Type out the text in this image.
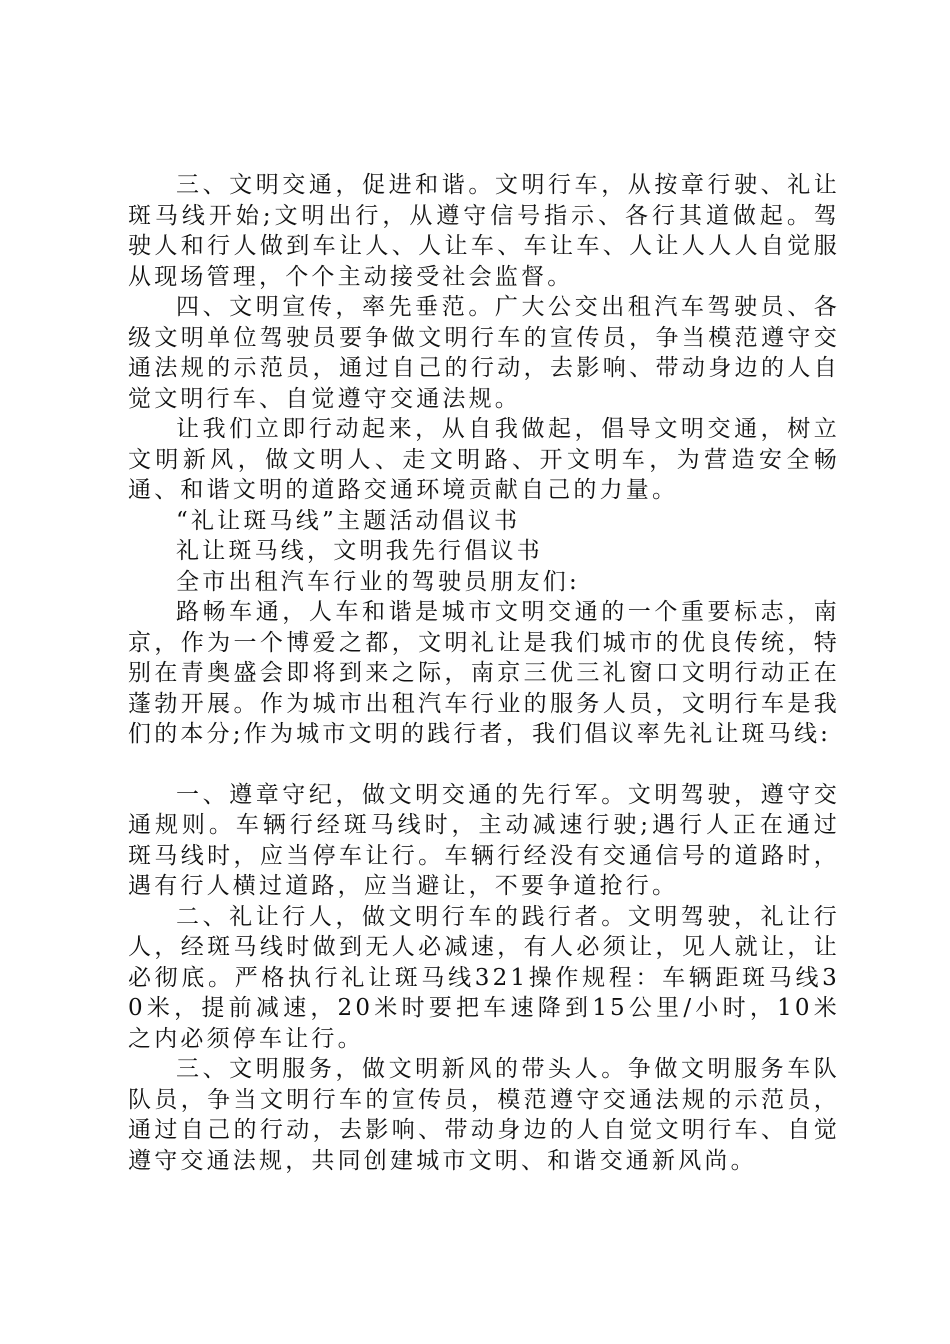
三、文明交通，促进和谐。文明行车，从按章行驶、礼让斑马线开始;文明出行，从遵守信号指示、各行其道做起。驾驶人和行人做到车让人、人让车、车让车、人让人人人自觉服从现场管理，个个主动接受社会监督。

四、文明宣传，率先垂范。广大公交出租汽车驾驶员、各级文明单位驾驶员要争做文明行车的宣传员，争当模范遵守交通法规的示范员，通过自己的行动，去影响、带动身边的人自觉文明行车、自觉遵守交通法规。

让我们立即行动起来，从自我做起，倡导文明交通，树立文明新风，做文明人、走文明路、开文明车，为营造安全畅通、和谐文明的道路交通环境贡献自己的力量。

“礼让斑马线”主题活动倡议书

礼让斑马线，文明我先行倡议书

全市出租汽车行业的驾驶员朋友们:

路畅车通，人车和谐是城市文明交通的一个重要标志，南京，作为一个博爱之都，文明礼让是我们城市的优良传统，特别在青奥盛会即将到来之际，南京三优三礼窗口文明行动正在蓬勃开展。作为城市出租汽车行业的服务人员，文明行车是我们的本分;作为城市文明的践行者，我们倡议率先礼让斑马线:

一、遵章守纪，做文明交通的先行军。文明驾驶，遵守交通规则。车辆行经斑马线时，主动减速行驶;遇行人正在通过斑马线时，应当停车让行。车辆行经没有交通信号的道路时，遇有行人横过道路，应当避让，不要争道抢行。

二、礼让行人，做文明行车的践行者。文明驾驶，礼让行人，经斑马线时做到无人必减速，有人必须让，见人就让，让必彻底。严格执行礼让斑马线321操作规程：车辆距斑马线30米，提前减速，20米时要把车速降到15公里/小时，10米之内必须停车让行。

三、文明服务，做文明新风的带头人。争做文明服务车队队员，争当文明行车的宣传员，模范遵守交通法规的示范员，通过自己的行动，去影响、带动身边的人自觉文明行车、自觉遵守交通法规，共同创建城市文明、和谐交通新风尚。
